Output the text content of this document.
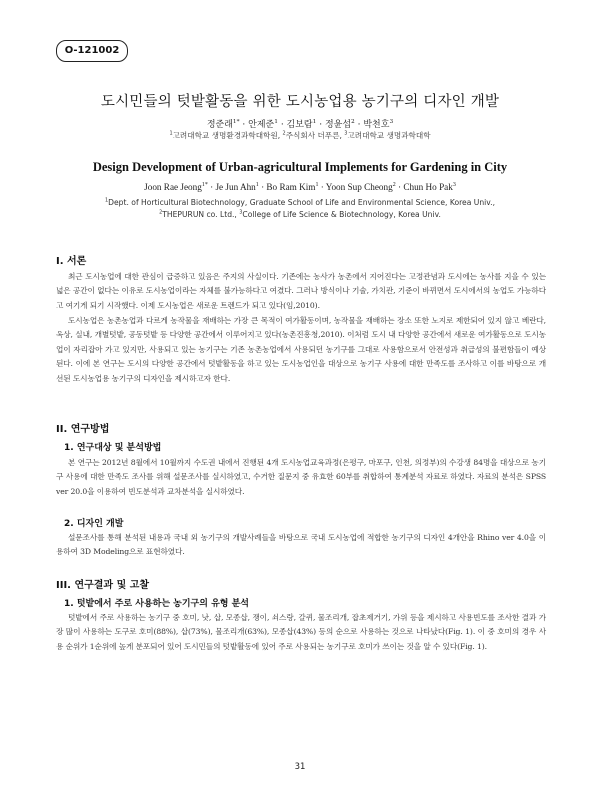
O-121002
도시민들의 텃밭활동을 위한 도시농업용 농기구의 디자인 개발
정준래$^{1*}$ · 안제준$^1$ · 김보람$^1$ · 정윤섭$^2$ · 박천호$^3$
$^1$고려대학교 생명환경과학대학원, $^2$주식회사 더푸른, $^3$고려대학교 생명과학대학
Design Development of Urban-agricultural Implements for Gardening in City
Joon Rae Jeong$^{1*}$ · Je Jun Ahn$^1$ · Bo Ram Kim$^1$ · Yoon Sup Cheong$^2$ · Chun Ho Pak$^3$
$^1$Dept. of Horticultural Biotechnology, Graduate School of Life and Environmental Science, Korea Univ.,
$^2$THEPURUN co. Ltd., $^3$College of Life Science & Biotechnology, Korea Univ.
I. 서론

최근 도시농업에 대한 관심이 급증하고 있음은 주지의 사실이다. 기존에는 농사가 농촌에서 지어진다는 고정관념과 도시에는 농사를 지을 수 있는 넓은 공간이 없다는 이유로 도시농업이라는 자체를 불가능하다고 여겼다. 그러나 방식이나 기술, 가치관, 기준이 바뀌면서 도시에서의 농업도 가능하다고 여기게 되기 시작했다. 이제 도시농업은 새로운 트렌드가 되고 있다(임,2010).

도시농업은 농촌농업과 다르게 농작물을 재배하는 가장 큰 목적이 여가활동이며, 농작물을 재배하는 장소 또한 노지로 제한되어 있지 않고 베란다, 옥상, 실내, 개별텃밭, 공동텃밭 등 다양한 공간에서 이루어지고 있다(농촌진흥청,2010). 이처럼 도시 내 다양한 공간에서 새로운 여가활동으로 도시농업이 자리잡아 가고 있지만, 사용되고 있는 농기구는 기존 농촌농업에서 사용되던 농기구를 그대로 사용함으로서 안전성과 취급성의 불편함들이 예상된다. 이에 본 연구는 도시의 다양한 공간에서 텃밭활동을 하고 있는 도시농업인을 대상으로 농기구 사용에 대한 만족도를 조사하고 이를 바탕으로 개선된 도시농업용 농기구의 디자인을 제시하고자 한다.

II. 연구방법
1. 연구대상 및 분석방법

본 연구는 2012년 8월에서 10월까지 수도권 내에서 진행된 4개 도시농업교육과정(은평구, 마포구, 인천, 의정부)의 수강생 84명을 대상으로 농기구 사용에 대한 만족도 조사를 위해 설문조사를 실시하였고, 수거한 질문지 중 유효한 60부를 취합하여 통계분석 자료로 하였다. 자료의 분석은 SPSS ver 20.0을 이용하여 빈도분석과 교차분석을 실시하였다.

2. 디자인 개발

설문조사를 통해 분석된 내용과 국내 외 농기구의 개발사례들을 바탕으로 국내 도시농업에 적합한 농기구의 디자인 4개안을 Rhino ver 4.0을 이용하여 3D Modeling으로 표현하였다.

III. 연구결과 및 고찰
1. 텃밭에서 주로 사용하는 농기구의 유형 분석

텃밭에서 주로 사용하는 농기구 중 호미, 낫, 삽, 모종삽, 쟁이, 쇠스랑, 갈퀴, 물조리개, 잡초제거기, 가위 등을 제시하고 사용빈도를 조사한 결과 가장 많이 사용하는 도구로 호미(88%), 삽(73%), 물조리개(63%), 모종삽(43%) 등의 순으로 사용하는 것으로 나타났다(Fig. 1). 이 중 호미의 경우 사용 순위가 1순위에 높게 분포되어 있어 도시민들의 텃밭활동에 있어 주로 사용되는 농기구로 호미가 쓰이는 것을 알 수 있다(Fig. 1).

31
